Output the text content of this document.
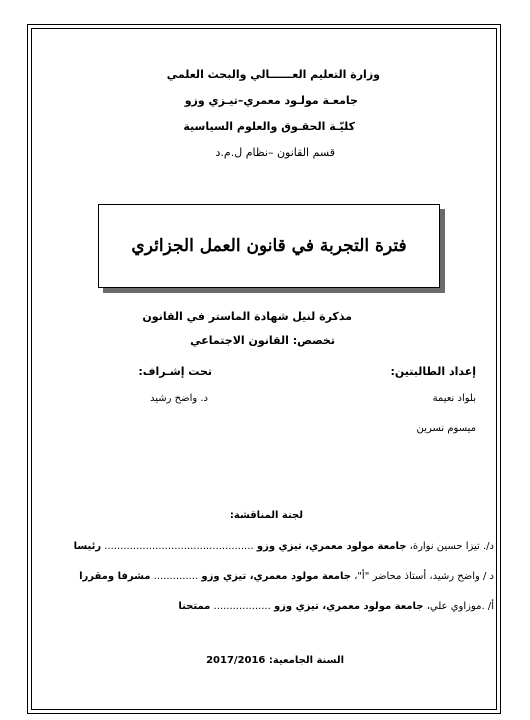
وزارة التعليم العــــــالي والبحث العلمي
جامعـة مولـود معمري–تيـزي وزو
كليّـة الحقـوق والعلوم السياسية
قسم القانون –نظام ل.م.د
فترة التجربة في قانون العمل الجزائري
مذكرة لنيل شهادة الماستر في القانون
تخصص: القانون الاجتماعي
إعداد الطالبتين:
تحت إشـراف:
بلواد نعيمة
ميسوم نسرين
د. واضح رشيد
لجنة المناقشة:
د/. تيزا حسين نوارة، جامعة مولود معمري، تيزي وزو ............................................... رئيسا
د / واضح رشيد، أستاذ محاضر "أ"، جامعة مولود معمري، تيزي وزو .............. مشرفا ومقررا
أ/ .موزاوي علي، جامعة مولود معمري، تيزي وزو .................. ممتحنا
السنة الجامعية: 2017/2016
